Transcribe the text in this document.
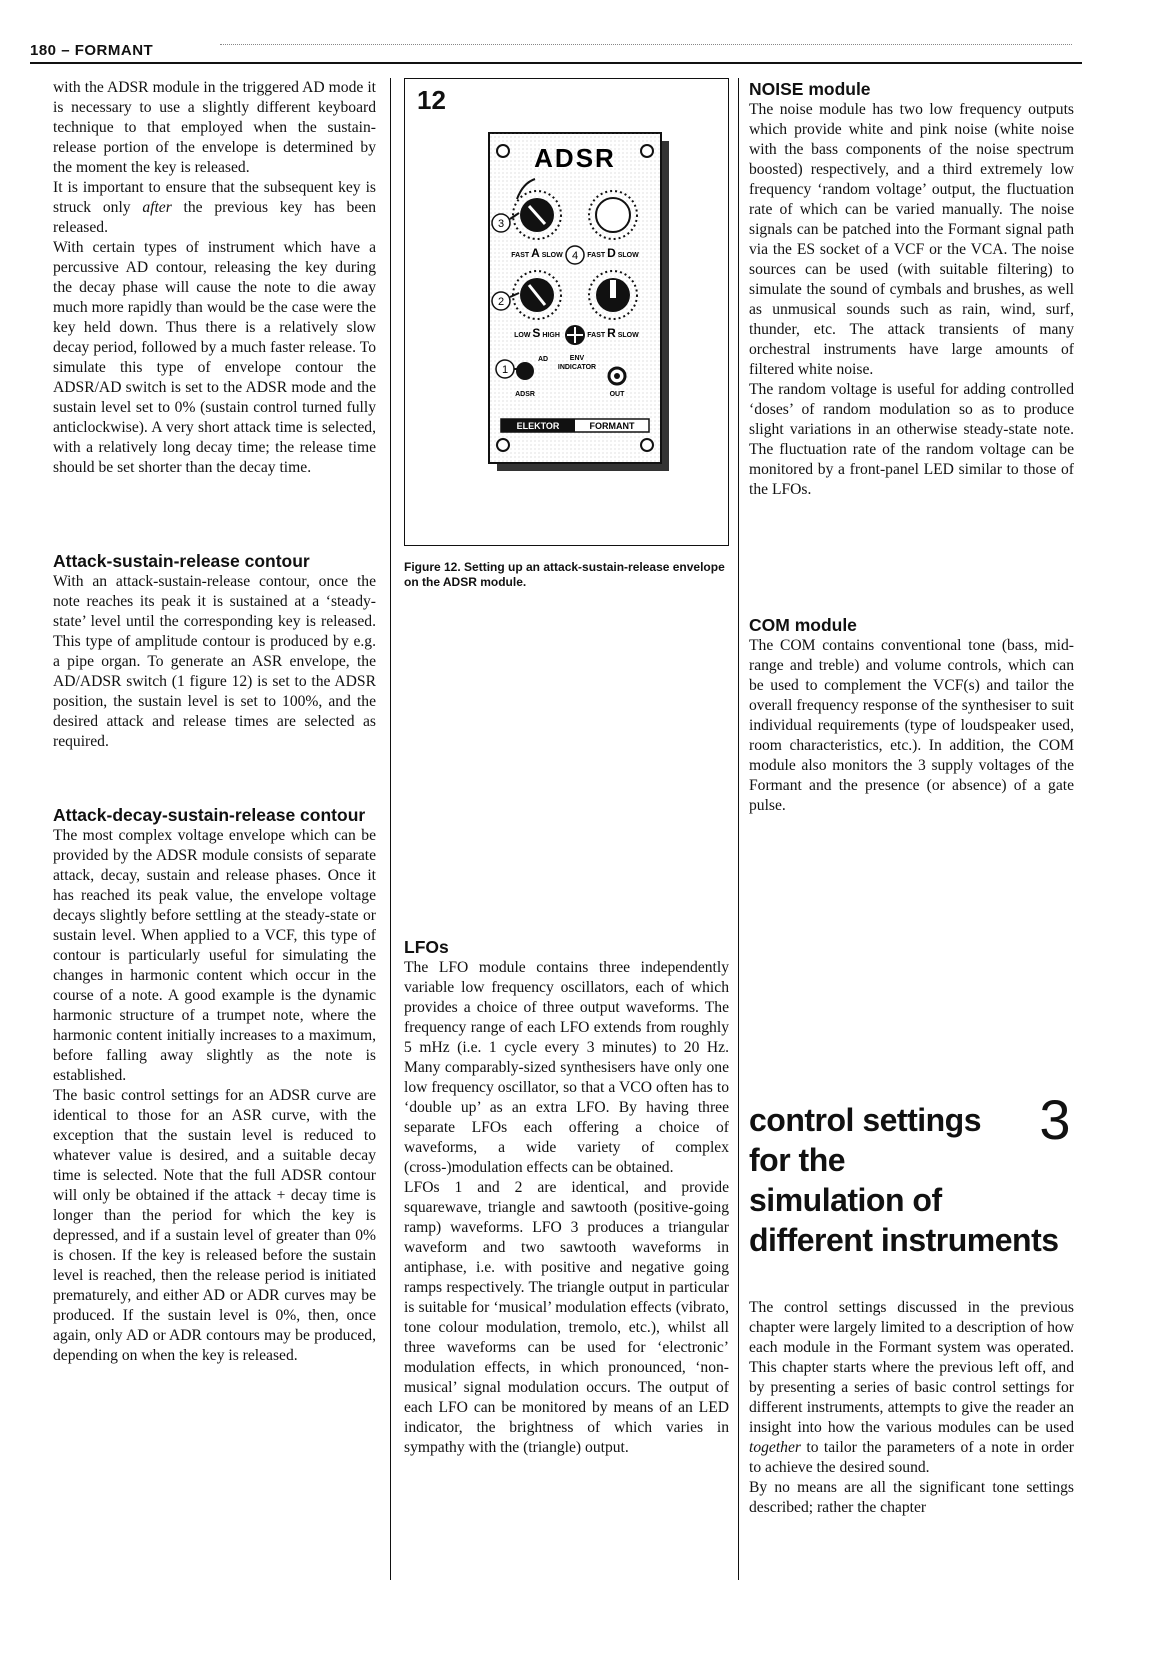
180 – FORMANT

with the ADSR module in the triggered AD mode it is necessary to use a slightly different keyboard technique to that employed when the sustain-release portion of the envelope is determined by the moment the key is released.

It is important to ensure that the subsequent key is struck only after the previous key has been released.

With certain types of instrument which have a percussive AD contour, releasing the key during the decay phase will cause the note to die away much more rapidly than would be the case were the key held down. Thus there is a relatively slow decay period, followed by a much faster release. To simulate this type of envelope contour the ADSR/AD switch is set to the ADSR mode and the sustain level set to 0% (sustain control turned fully anticlockwise). A very short attack time is selected, with a relatively long decay time; the release time should be set shorter than the decay time.

Attack-sustain-release contour

With an attack-sustain-release contour, once the note reaches its peak it is sustained at a ‘steady-state’ level until the corresponding key is released. This type of amplitude contour is produced by e.g. a pipe organ. To generate an ASR envelope, the AD/ADSR switch (1 figure 12) is set to the ADSR position, the sustain level is set to 100%, and the desired attack and release times are selected as required.

Attack-decay-sustain-release contour

The most complex voltage envelope which can be provided by the ADSR module consists of separate attack, decay, sustain and release phases. Once it has reached its peak value, the envelope voltage decays slightly before settling at the steady-state or sustain level. When applied to a VCF, this type of contour is particularly useful for simulating the changes in harmonic content which occur in the course of a note. A good example is the dynamic harmonic structure of a trumpet note, where the harmonic content initially increases to a maximum, before falling away slightly as the note is established.

The basic control settings for an ADSR curve are identical to those for an ASR curve, with the exception that the sustain level is reduced to whatever value is desired, and a suitable decay time is selected. Note that the full ADSR contour will only be obtained if the attack + decay time is longer than the period for which the key is depressed, and if a sustain level of greater than 0% is chosen. If the key is released before the sustain level is reached, then the release period is initiated prematurely, and either AD or ADR curves may be produced. If the sustain level is 0%, then, once again, only AD or ADR contours may be produced, depending on when the key is released.

12
ADSR
FAST A SLOW	FAST D SLOW
LOW S HIGH	FAST R SLOW
AD
ADSR
ENV
INDICATOR
OUT
ELEKTOR	FORMANT
1
2
3
4
Figure 12. Setting up an attack-sustain-release envelope on the ADSR module.
LFOs

The LFO module contains three independently variable low frequency oscillators, each of which provides a choice of three output waveforms. The frequency range of each LFO extends from roughly 5 mHz (i.e. 1 cycle every 3 minutes) to 20 Hz. Many comparably-sized synthesisers have only one low frequency oscillator, so that a VCO often has to ‘double up’ as an extra LFO. By having three separate LFOs each offering a choice of waveforms, a wide variety of complex (cross-)modulation effects can be obtained.

LFOs 1 and 2 are identical, and provide squarewave, triangle and sawtooth (positive-going ramp) waveforms. LFO 3 produces a triangular waveform and two sawtooth waveforms in antiphase, i.e. with positive and negative going ramps respectively. The triangle output in particular is suitable for ‘musical’ modulation effects (vibrato, tone colour modulation, tremolo, etc.), whilst all three waveforms can be used for ‘electronic’ modulation effects, in which pronounced, ‘non-musical’ signal modulation occurs. The output of each LFO can be monitored by means of an LED indicator, the brightness of which varies in sympathy with the (triangle) output.

NOISE module

The noise module has two low frequency outputs which provide white and pink noise (white noise with the bass components of the noise spectrum boosted) respectively, and a third extremely low frequency ‘random voltage’ output, the fluctuation rate of which can be varied manually. The noise signals can be patched into the Formant signal path via the ES socket of a VCF or the VCA. The noise sources can be used (with suitable filtering) to simulate the sound of cymbals and brushes, as well as unmusical sounds such as rain, wind, surf, thunder, etc. The attack transients of many orchestral instruments have large amounts of filtered white noise.

The random voltage is useful for adding controlled ‘doses’ of random modulation so as to produce slight variations in an otherwise steady-state note. The fluctuation rate of the random voltage can be monitored by a front-panel LED similar to those of the LFOs.

COM module

The COM contains conventional tone (bass, mid-range and treble) and volume controls, which can be used to complement the VCF(s) and tailor the overall frequency response of the synthesiser to suit individual requirements (type of loudspeaker used, room characteristics, etc.). In addition, the COM module also monitors the 3 supply voltages of the Formant and the presence (or absence) of a gate pulse.

The control settings discussed in the previous chapter were largely limited to a description of how each module in the Formant system was operated. This chapter starts where the previous left off, and by presenting a series of basic control settings for different instruments, attempts to give the reader an insight into how the various modules can be used together to tailor the parameters of a note in order to achieve the desired sound.

By no means are all the significant tone settings described; rather the chapter

control settings
for the
simulation of
different instruments
3
